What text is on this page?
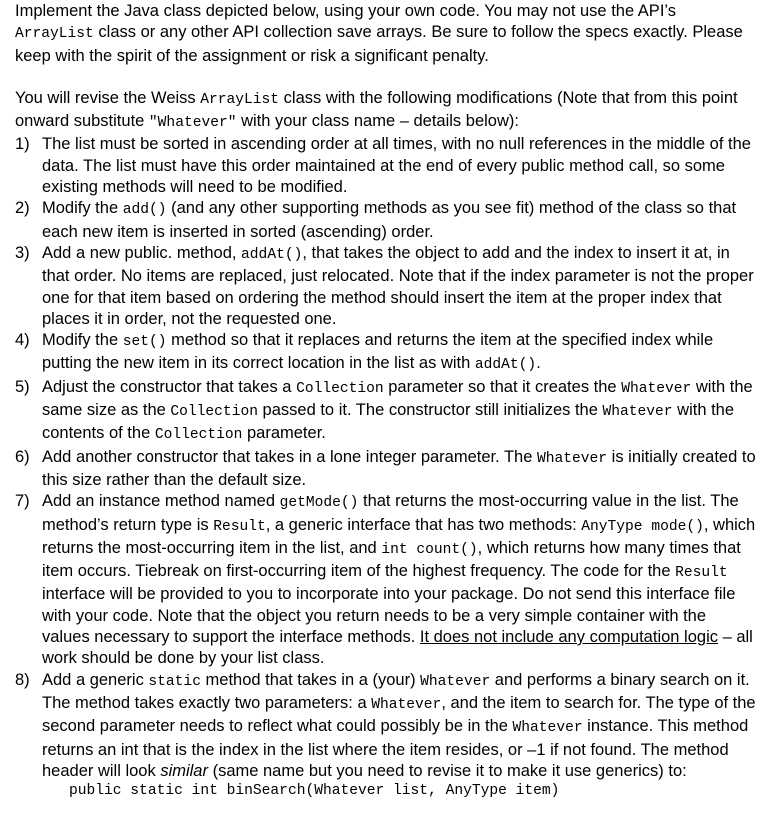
Implement the Java class depicted below, using your own code. You may not use the API’s ArrayList class or any other API collection save arrays. Be sure to follow the specs exactly. Please keep with the spirit of the assignment or risk a significant penalty.

You will revise the Weiss ArrayList class with the following modifications (Note that from this point onward substitute "Whatever" with your class name – details below):

1) The list must be sorted in ascending order at all times, with no null references in the middle of the data. The list must have this order maintained at the end of every public method call, so some existing methods will need to be modified.
2) Modify the add() (and any other supporting methods as you see fit) method of the class so that each new item is inserted in sorted (ascending) order.
3) Add a new public. method, addAt(), that takes the object to add and the index to insert it at, in that order. No items are replaced, just relocated. Note that if the index parameter is not the proper one for that item based on ordering the method should insert the item at the proper index that places it in order, not the requested one.
4) Modify the set() method so that it replaces and returns the item at the specified index while putting the new item in its correct location in the list as with addAt().
5) Adjust the constructor that takes a Collection parameter so that it creates the Whatever with the same size as the Collection passed to it. The constructor still initializes the Whatever with the contents of the Collection parameter.
6) Add another constructor that takes in a lone integer parameter. The Whatever is initially created to this size rather than the default size.
7) Add an instance method named getMode() that returns the most-occurring value in the list. The method’s return type is Result, a generic interface that has two methods: AnyType mode(), which returns the most-occurring item in the list, and int count(), which returns how many times that item occurs. Tiebreak on first-occurring item of the highest frequency. The code for the Result interface will be provided to you to incorporate into your package. Do not send this interface file with your code. Note that the object you return needs to be a very simple container with the values necessary to support the interface methods. It does not include any computation logic – all work should be done by your list class.
8) Add a generic static method that takes in a (your) Whatever and performs a binary search on it. The method takes exactly two parameters: a Whatever, and the item to search for. The type of the second parameter needs to reflect what could possibly be in the Whatever instance. This method returns an int that is the index in the list where the item resides, or –1 if not found. The method header will look similar (same name but you need to revise it to make it use generics) to:
public static int binSearch(Whatever list, AnyType item)
